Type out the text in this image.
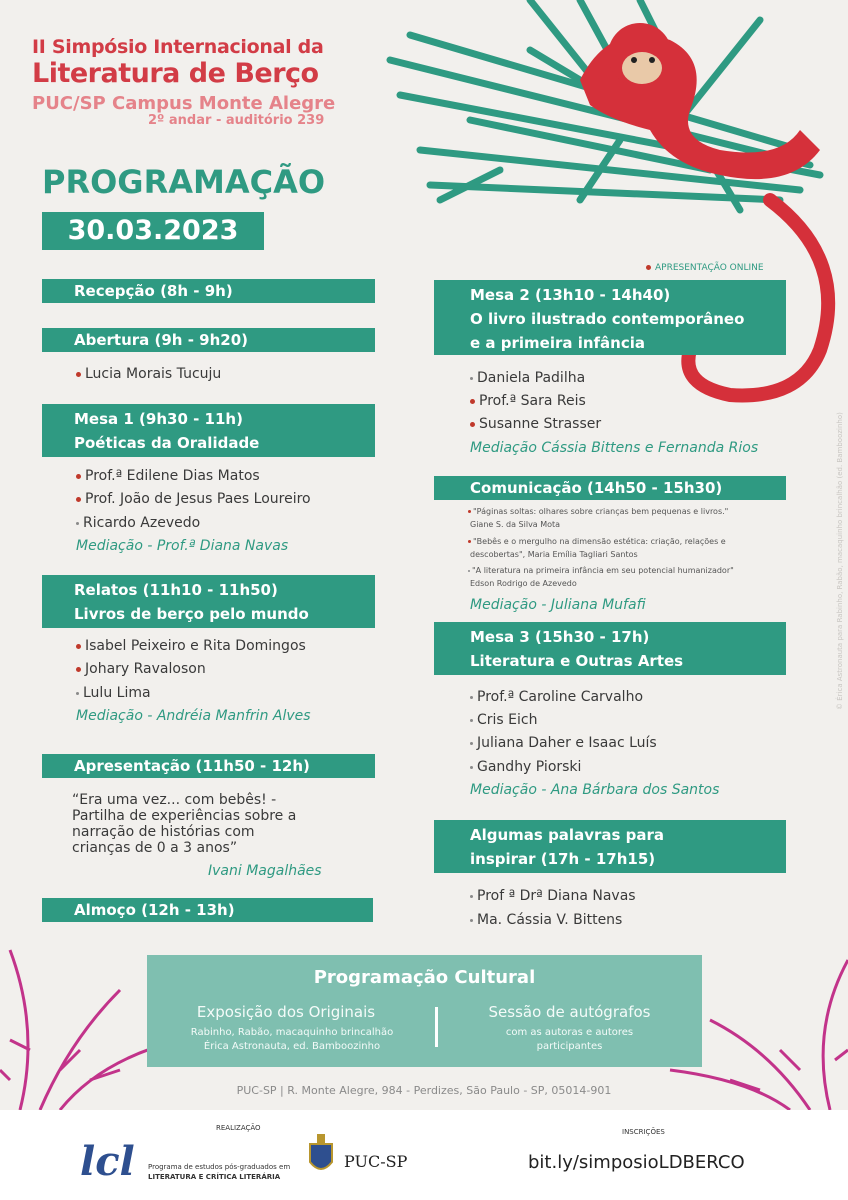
II Simpósio Internacional da
Literatura de Berço
PUC/SP Campus Monte Alegre
2º andar - auditório 239
PROGRAMAÇÃO
30.03.2023
APRESENTAÇÃO ONLINE
Recepção (8h - 9h)
Abertura (9h - 9h20)
Lucia Morais Tucuju
Mesa 1 (9h30 - 11h)
Poéticas da Oralidade
Prof.ª Edilene Dias Matos
Prof. João de Jesus Paes Loureiro
Ricardo Azevedo
Mediação - Prof.ª Diana Navas
Relatos (11h10 - 11h50)
Livros de berço pelo mundo
Isabel Peixeiro e Rita Domingos
Johary Ravaloson
Lulu Lima
Mediação - Andréia Manfrin Alves
Apresentação (11h50 - 12h)
“Era uma vez... com bebês! -
Partilha de experiências sobre a
narração de histórias com
crianças de 0 a 3 anos”
Ivani Magalhães
Almoço (12h - 13h)
Mesa 2 (13h10 - 14h40)
O livro ilustrado contemporâneo
e a primeira infância
Daniela Padilha
Prof.ª Sara Reis
Susanne Strasser
Mediação Cássia Bittens e Fernanda Rios
Comunicação (14h50 - 15h30)
"Páginas soltas: olhares sobre crianças bem pequenas e livros."
Giane S. da Silva Mota
"Bebês e o mergulho na dimensão estética: criação, relações e
descobertas", Maria Emília Tagliari Santos
"A literatura na primeira infância em seu potencial humanizador"
Edson Rodrigo de Azevedo
Mediação - Juliana Mufafi
Mesa 3 (15h30 - 17h)
Literatura e Outras Artes
Prof.ª Caroline Carvalho
Cris Eich
Juliana Daher e Isaac Luís
Gandhy Piorski
Mediação - Ana Bárbara dos Santos
Algumas palavras para
inspirar (17h - 17h15)
Prof ª Drª Diana Navas
Ma. Cássia V. Bittens
Programação Cultural
Exposição dos Originais
Rabinho, Rabão, macaquinho brincalhão
Érica Astronauta, ed. Bamboozinho
Sessão de autógrafos
com as autoras e autores
participantes
PUC-SP | R. Monte Alegre, 984 - Perdizes, São Paulo - SP, 05014-901
© Érica Astronauta para Rabinho, Rabão, macaquinho brincalhão (ed. Bamboozinho)
REALIZAÇÃO
lcl Programa de estudos pós-graduados em
LITERATURA E CRÍTICA LITERÁRIA
PUC-SP
INSCRIÇÕES
bit.ly/simposioLDBERCO
